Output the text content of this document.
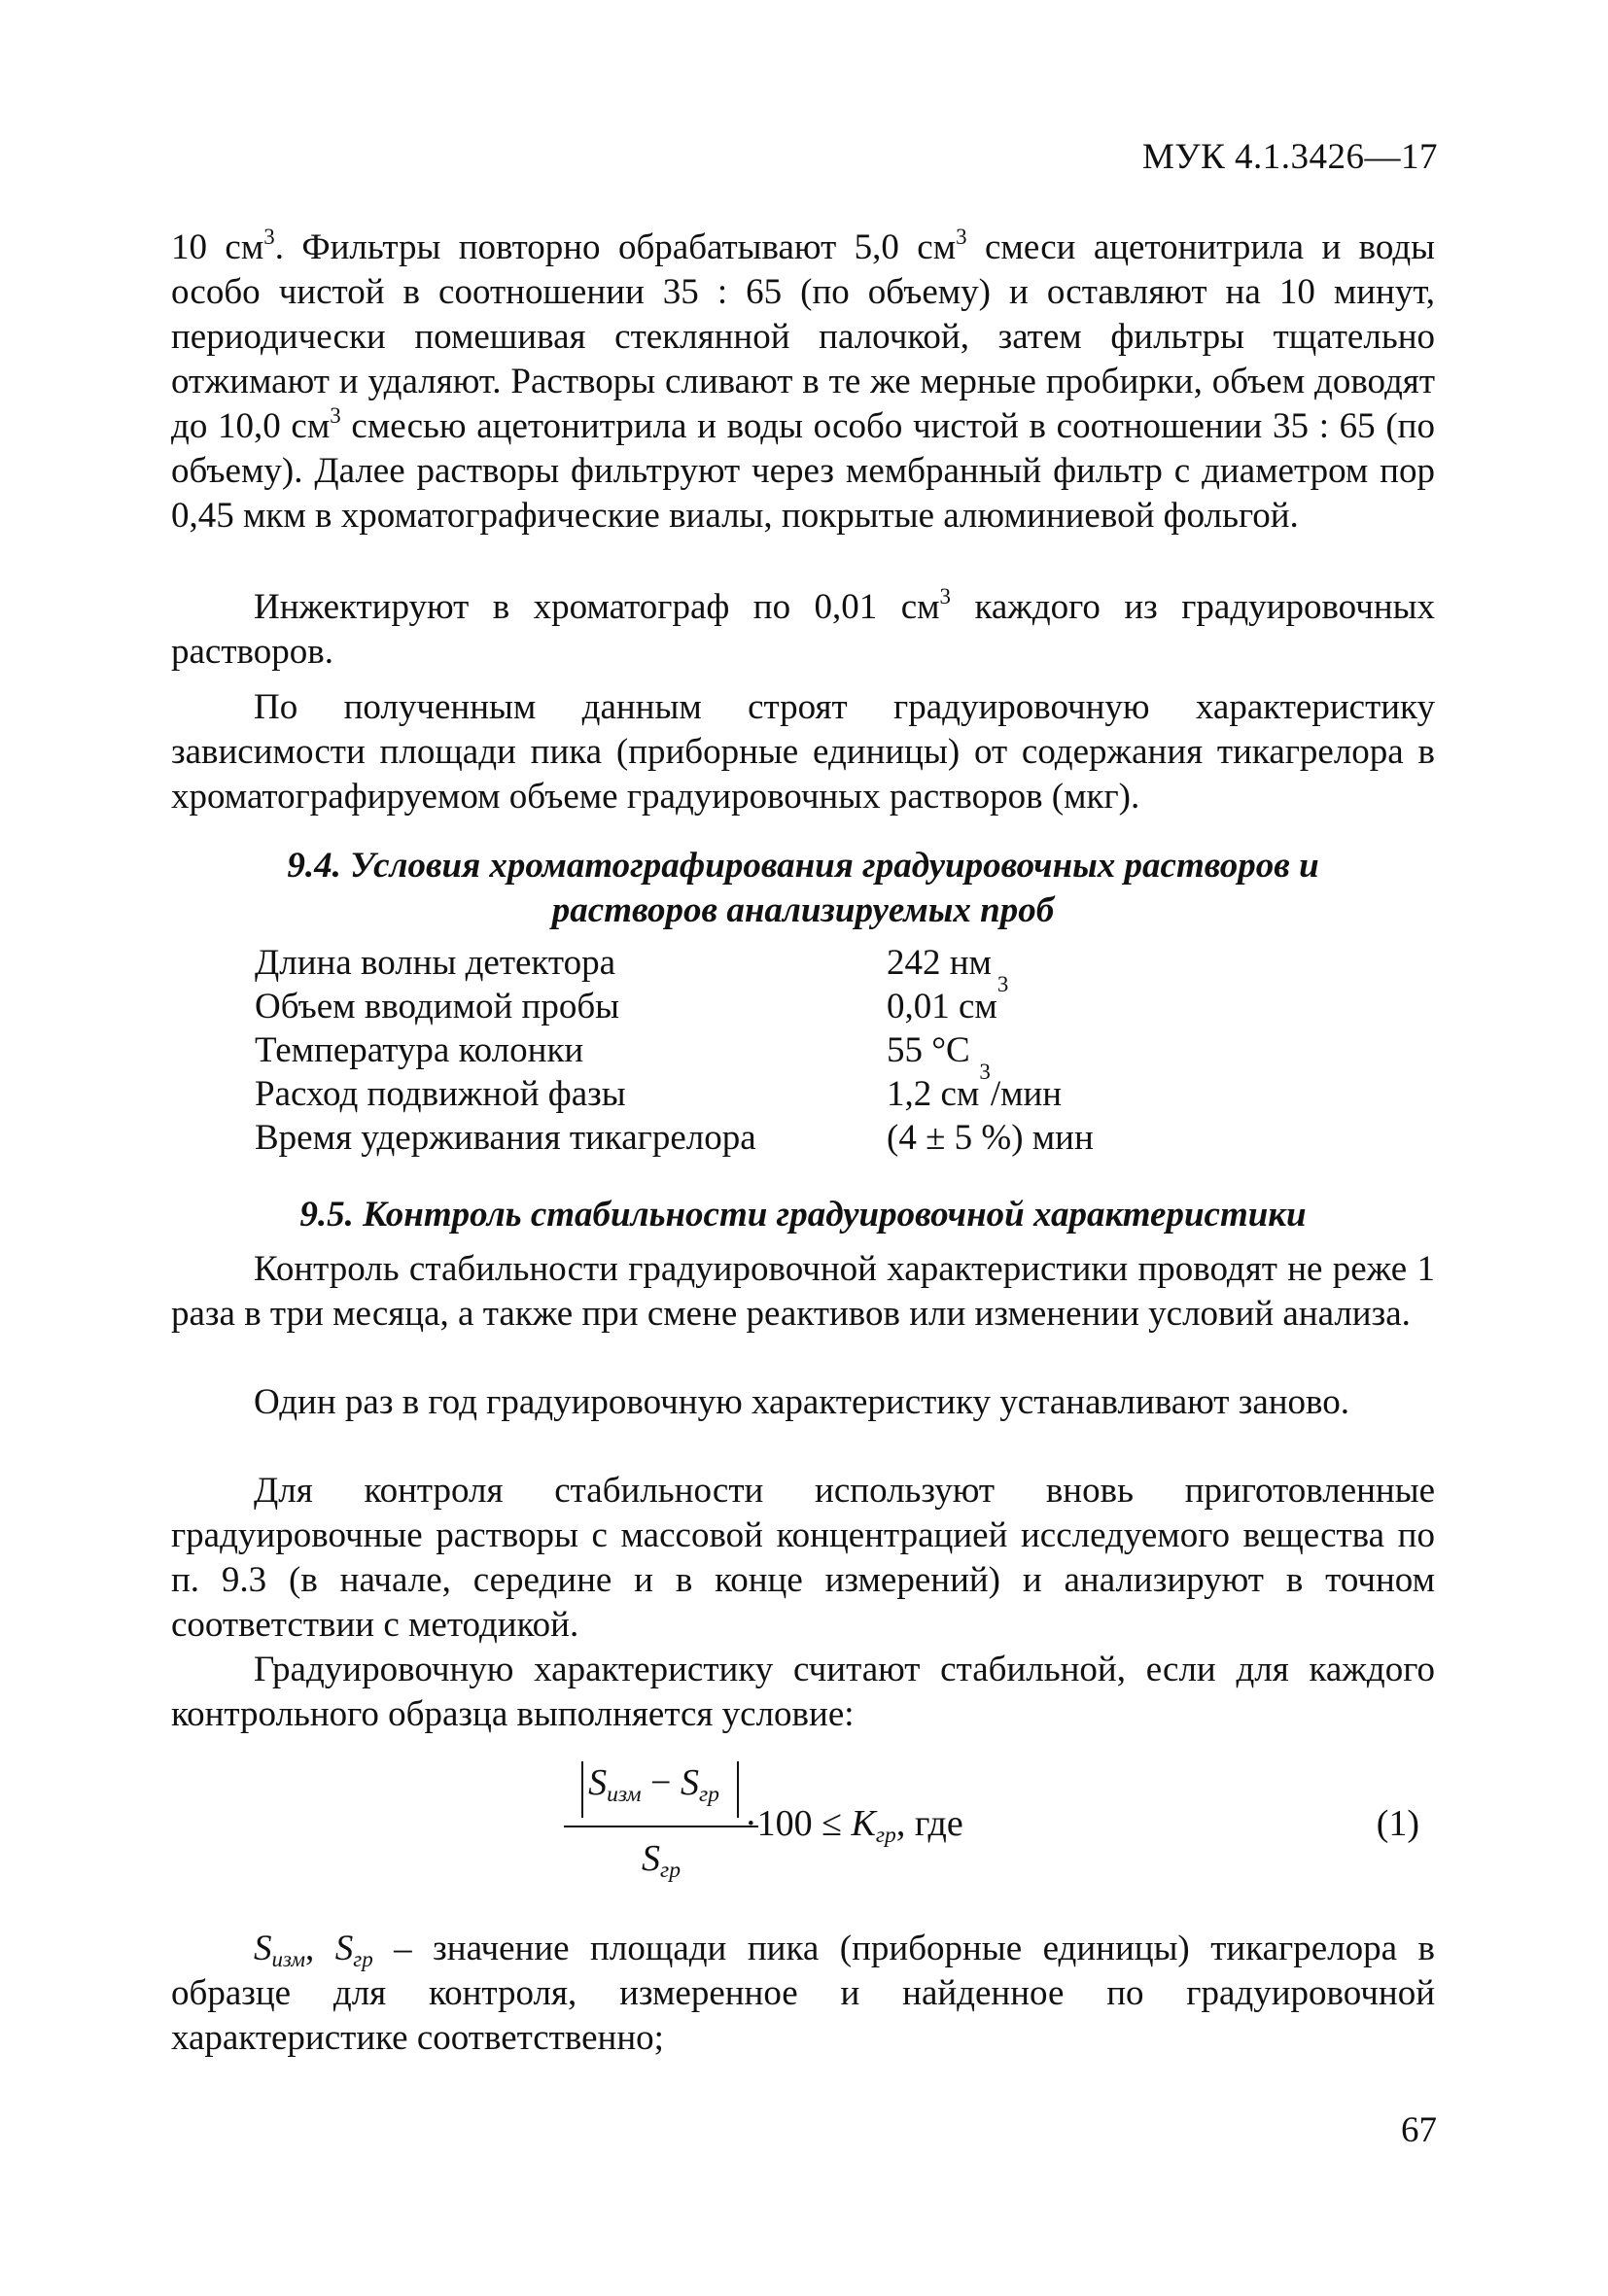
МУК 4.1.3426—17

10 $см^3$. Фильтры повторно обрабатывают 5,0 $см^3$ смеси ацетонитрила и воды особо чистой в соотношении 35 : 65 (по объему) и оставляют на 10 минут, периодически помешивая стеклянной палочкой, затем фильтры тщательно отжимают и удаляют. Растворы сливают в те же мерные пробирки, объем доводят до 10,0 $см^3$ смесью ацетонитрила и воды особо чистой в соотношении 35 : 65 (по объему). Далее растворы фильтруют через мембранный фильтр с диаметром пор 0,45 мкм в хроматографические виалы, покрытые алюминиевой фольгой.

Инжектируют в хроматограф по 0,01 $см^3$ каждого из градуировочных растворов.

По полученным данным строят градуировочную характеристику зависимости площади пика (приборные единицы) от содержания тикагрелора в хроматографируемом объеме градуировочных растворов (мкг).

9.4. Условия хроматографирования градуировочных растворов и
растворов анализируемых проб
Длина волны детектора	242 нм
Объем вводимой пробы	0,01 см
3
Температура колонки	55 °С
Расход подвижной фазы	1,2 см
3
/мин
Время удерживания тикагрелора	(4 ± 5 %) мин
9.5. Контроль стабильности градуировочной характеристики

Контроль стабильности градуировочной характеристики проводят не реже 1 раза в три месяца, а также при смене реактивов или изменении условий анализа.

Один раз в год градуировочную характеристику устанавливают заново.

Для контроля стабильности используют вновь приготовленные градуировочные растворы с массовой концентрацией исследуемого вещества по п. 9.3 (в начале, середине и в конце измерений) и анализируют в точном соответствии с методикой.

Градуировочную характеристику считают стабильной, если для каждого контрольного образца выполняется условие:

$S_{изм} - S_{гр}$
$S_{гр}$
$\cdot 100 \le K_{гр}$, где	(1)

$S_{изм}$, $S_{гр}$ – значение площади пика (приборные единицы) тикагрелора в образце для контроля, измеренное и найденное по градуировочной характеристике соответственно;

67
